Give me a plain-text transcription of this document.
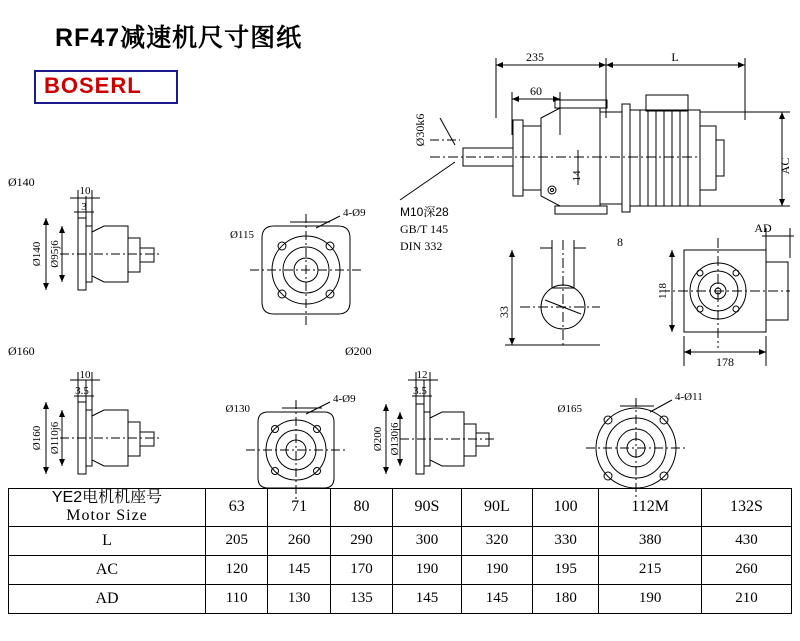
RF47减速机尺寸图纸
BOSERL
235	L
60
Ø30k6
14
AC
M10深28
GB/T 145
DIN 332	8
33
AD
118
178
Ø140
10
3
Ø140 Ø95j6
Ø115
4-Ø9
Ø160
10
3.5
Ø160 Ø110j6
Ø130
4-Ø9
Ø200
12
3.5
Ø200 Ø130j6
Ø165
4-Ø11
YE2电机机座号
Motor Size	63	71	80	90S	90L	100	112M	132S

L	205	260	290	300	320	330	380	430
AC	120	145	170	190	190	195	215	260
AD	110	130	135	145	145	180	190	210
